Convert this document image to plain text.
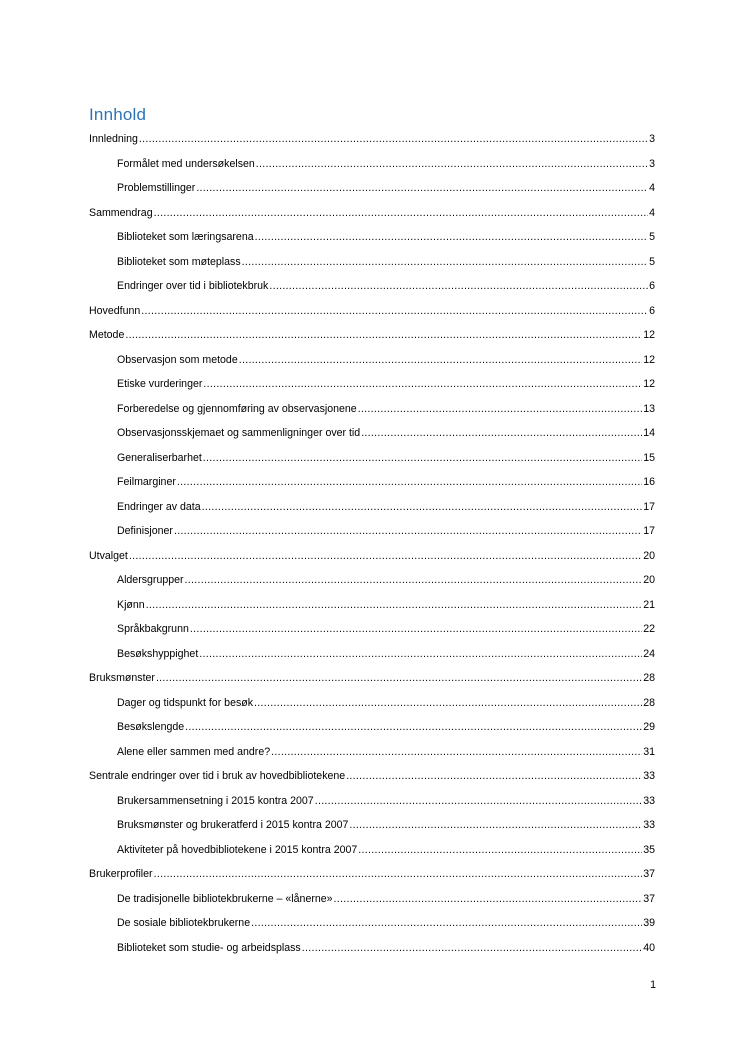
Innhold
Innledning .....	3
Formålet med undersøkelsen .....	3
Problemstillinger .....	4
Sammendrag .....	4
Biblioteket som læringsarena .....	5
Biblioteket som møteplass .....	5
Endringer over tid i bibliotekbruk .....	6
Hovedfunn .....	6
Metode .....	12
Observasjon som metode .....	12
Etiske vurderinger .....	12
Forberedelse og gjennomføring av observasjonene .....	13
Observasjonsskjemaet og sammenligninger over tid .....	14
Generaliserbarhet .....	15
Feilmarginer .....	16
Endringer av data .....	17
Definisjoner .....	17
Utvalget .....	20
Aldersgrupper .....	20
Kjønn .....	21
Språkbakgrunn .....	22
Besøkshyppighet .....	24
Bruksmønster .....	28
Dager og tidspunkt for besøk .....	28
Besøkslengde .....	29
Alene eller sammen med andre? .....	31
Sentrale endringer over tid i bruk av hovedbibliotekene .....	33
Brukersammensetning i 2015 kontra 2007 .....	33
Bruksmønster og brukeratferd i 2015 kontra 2007 .....	33
Aktiviteter på hovedbibliotekene i 2015 kontra 2007 .....	35
Brukerprofiler .....	37
De tradisjonelle bibliotekbrukerne – «lånerne» .....	37
De sosiale bibliotekbrukerne .....	39
Biblioteket som studie- og arbeidsplass .....	40
1
